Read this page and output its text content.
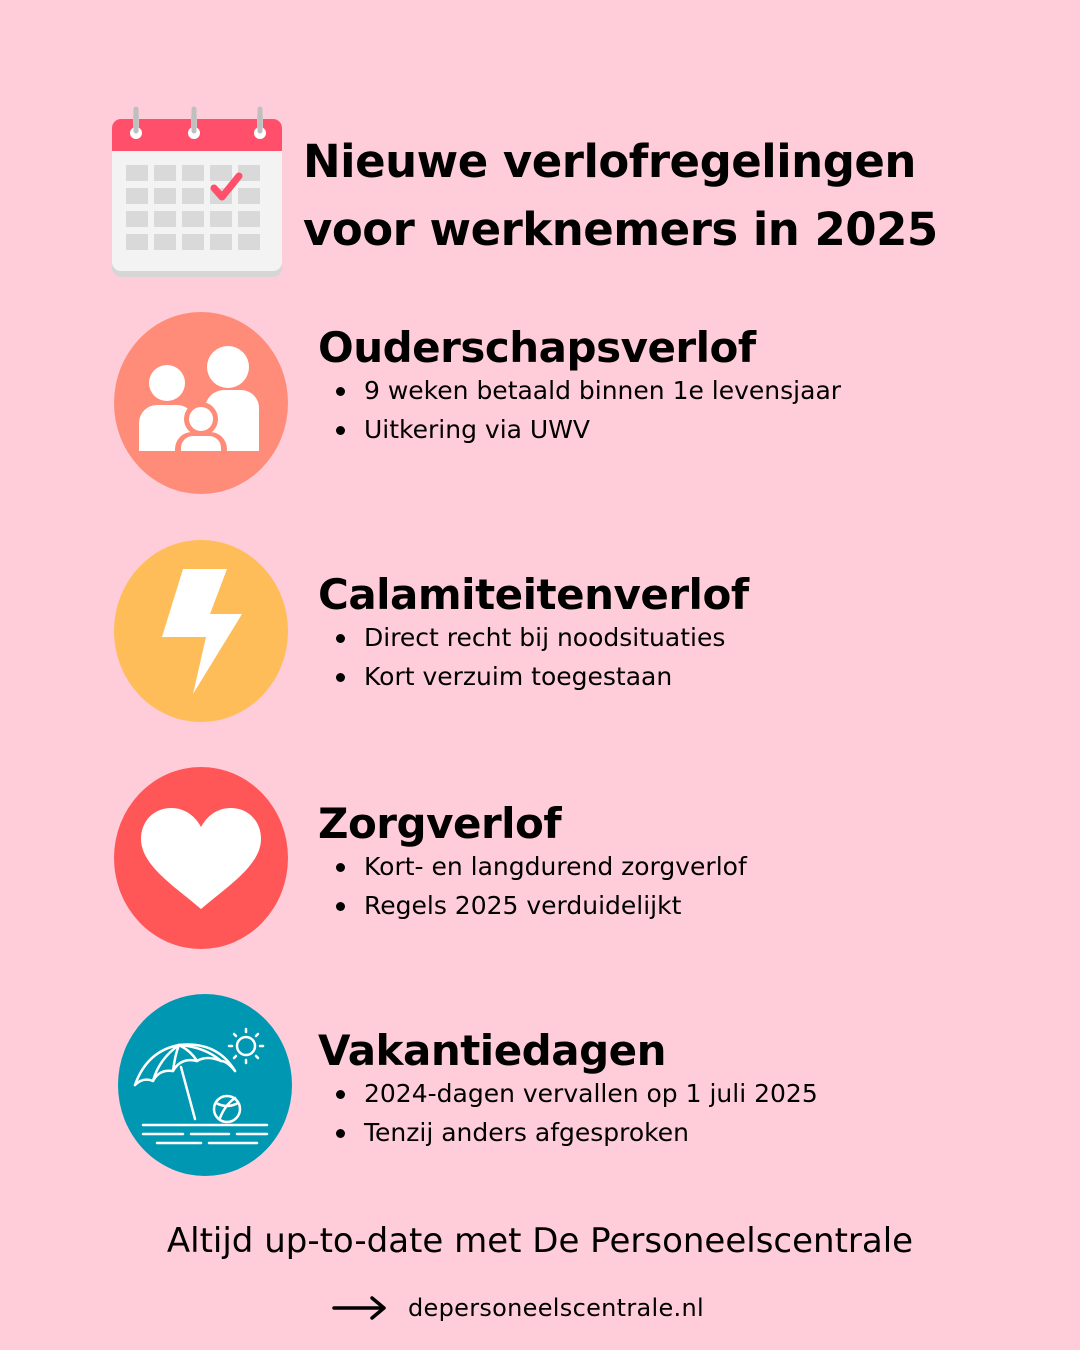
Nieuwe verlofregelingen
voor werknemers in 2025
Ouderschapsverlof
9 weken betaald binnen 1e levensjaar
Uitkering via UWV
Calamiteitenverlof
Direct recht bij noodsituaties
Kort verzuim toegestaan
Zorgverlof
Kort- en langdurend zorgverlof
Regels 2025 verduidelijkt
Vakantiedagen
2024-dagen vervallen op 1 juli 2025
Tenzij anders afgesproken

Altijd up-to-date met De Personeelscentrale

depersoneelscentrale.nl
